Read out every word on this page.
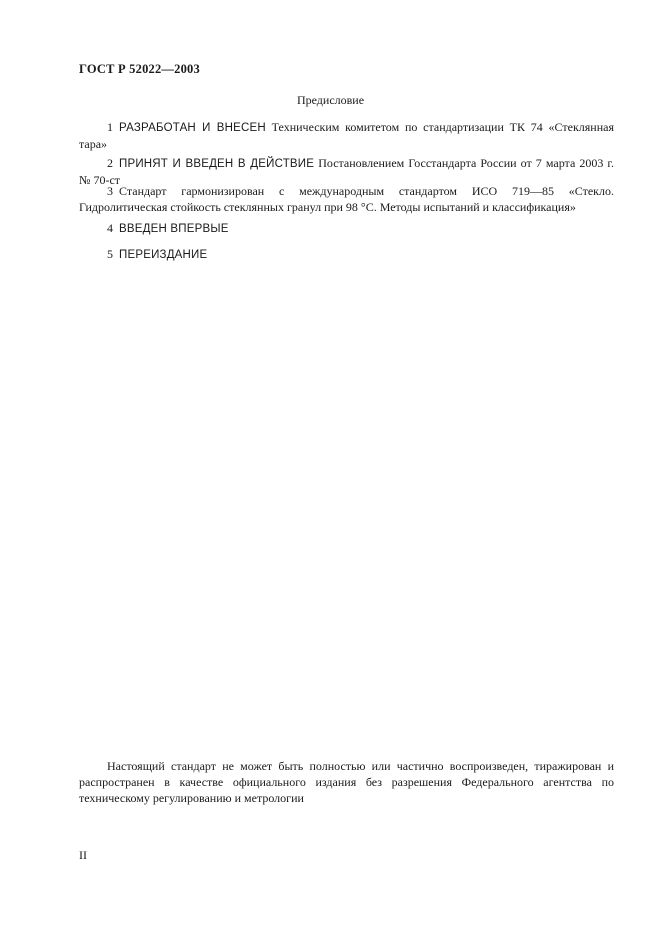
ГОСТ Р 52022—2003
Предисловие

1 РАЗРАБОТАН И ВНЕСЕН Техническим комитетом по стандартизации ТК 74 «Стеклянная тара»

2 ПРИНЯТ И ВВЕДЕН В ДЕЙСТВИЕ Постановлением Госстандарта России от 7 марта 2003 г. № 70-ст

3 Стандарт гармонизирован с международным стандартом ИСО 719—85 «Стекло. Гидролитическая стойкость стеклянных гранул при 98 °С. Методы испытаний и классификация»

4 ВВЕДЕН ВПЕРВЫЕ

5 ПЕРЕИЗДАНИЕ

Настоящий стандарт не может быть полностью или частично воспроизведен, тиражирован и распространен в качестве официального издания без разрешения Федерального агентства по техническому регулированию и метрологии

II
